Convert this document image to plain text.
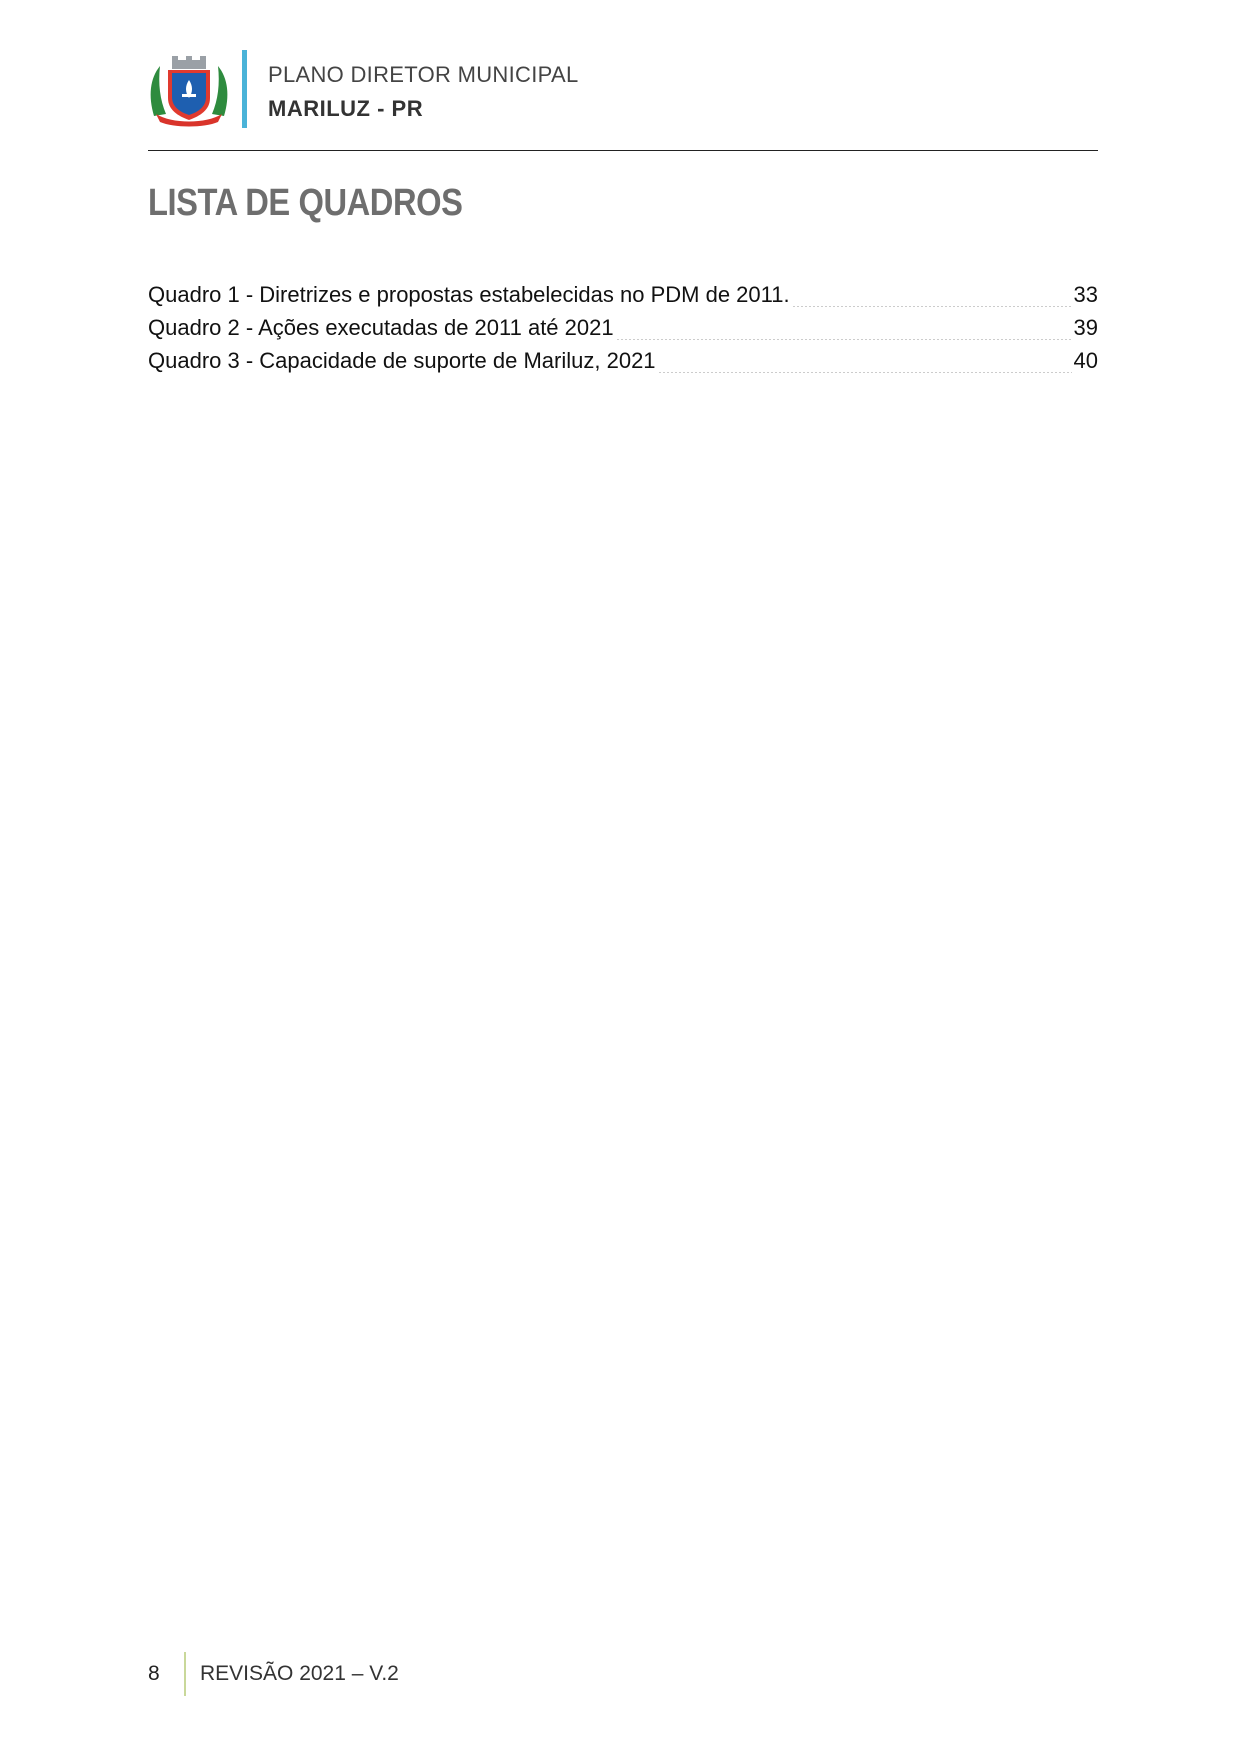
PLANO DIRETOR MUNICIPAL
MARILUZ - PR
LISTA DE QUADROS
Quadro 1 - Diretrizes e propostas estabelecidas no PDM de 2011.	33
Quadro 2 - Ações executadas de 2011 até 2021	39
Quadro 3 - Capacidade de suporte de Mariluz, 2021	40
8 REVISÃO 2021 – V.2
